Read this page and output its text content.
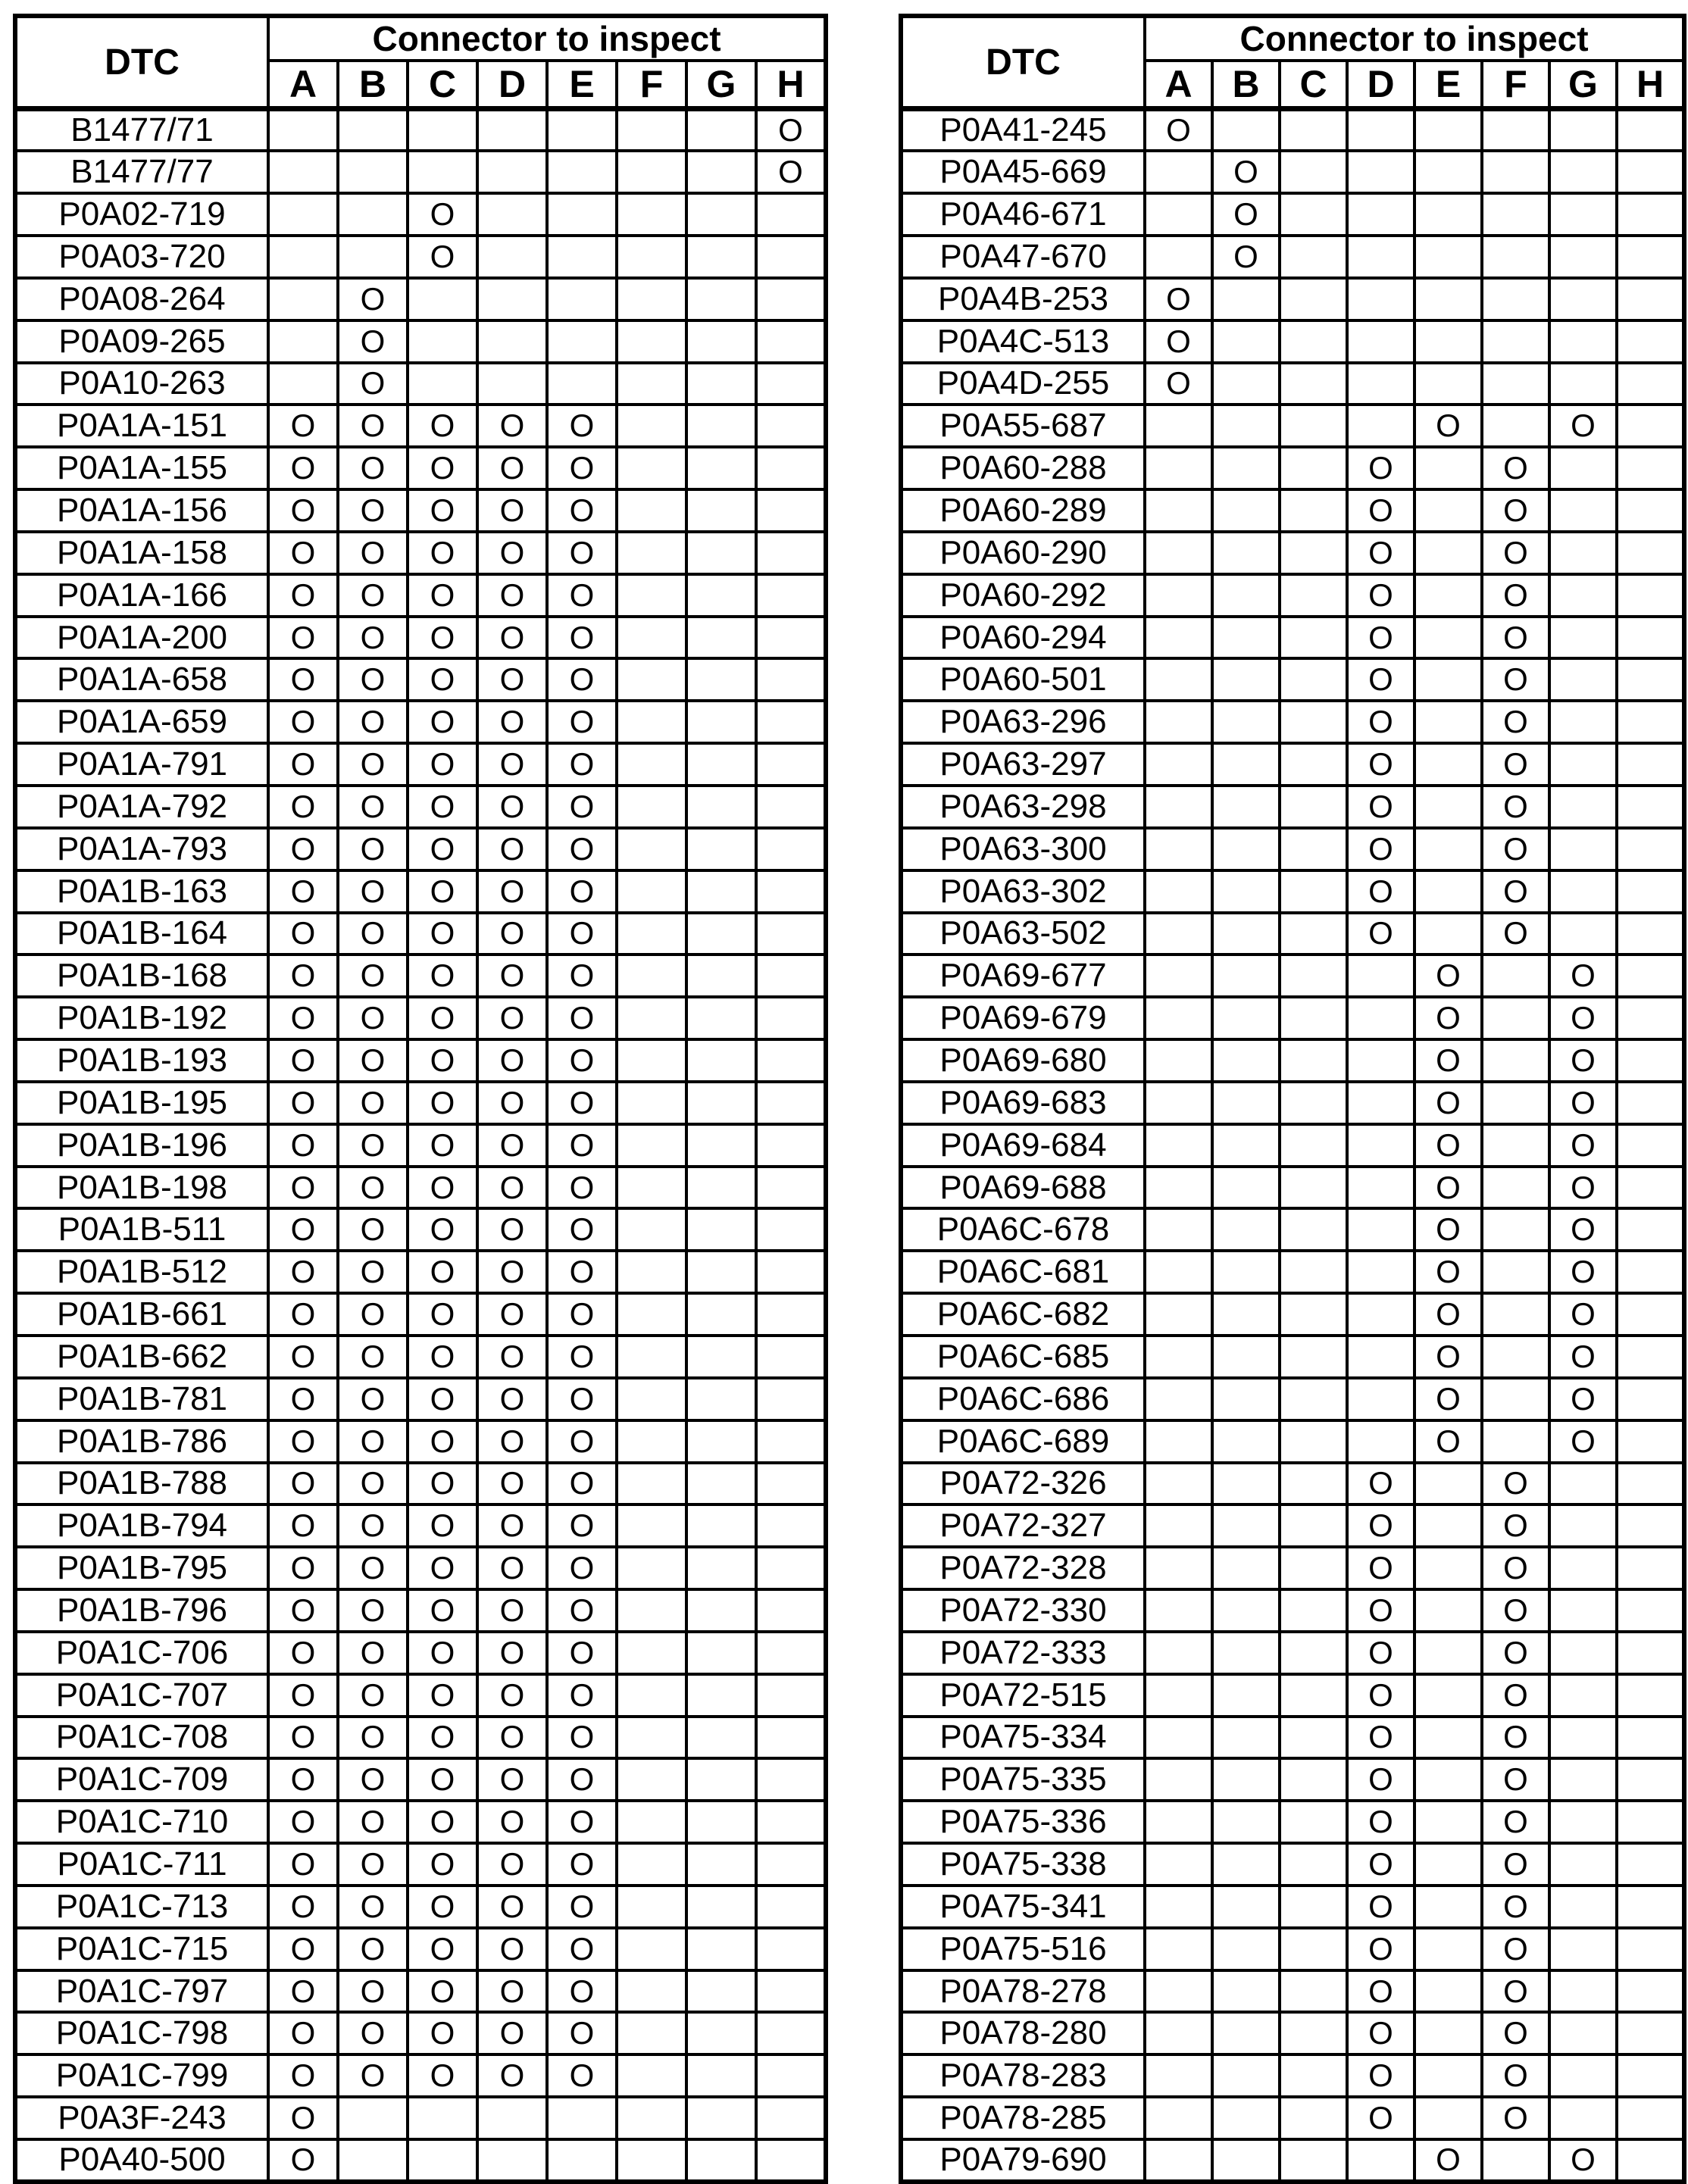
DTC	Connector to inspect							
	A	B	C	D	E	F	G	H
B1477/71								O
B1477/77								O
P0A02-719			O					
P0A03-720			O					
P0A08-264		O						
P0A09-265		O						
P0A10-263		O						
P0A1A-151	O	O	O	O	O			
P0A1A-155	O	O	O	O	O			
P0A1A-156	O	O	O	O	O			
P0A1A-158	O	O	O	O	O			
P0A1A-166	O	O	O	O	O			
P0A1A-200	O	O	O	O	O			
P0A1A-658	O	O	O	O	O			
P0A1A-659	O	O	O	O	O			
P0A1A-791	O	O	O	O	O			
P0A1A-792	O	O	O	O	O			
P0A1A-793	O	O	O	O	O			
P0A1B-163	O	O	O	O	O			
P0A1B-164	O	O	O	O	O			
P0A1B-168	O	O	O	O	O			
P0A1B-192	O	O	O	O	O			
P0A1B-193	O	O	O	O	O			
P0A1B-195	O	O	O	O	O			
P0A1B-196	O	O	O	O	O			
P0A1B-198	O	O	O	O	O			
P0A1B-511	O	O	O	O	O			
P0A1B-512	O	O	O	O	O			
P0A1B-661	O	O	O	O	O			
P0A1B-662	O	O	O	O	O			
P0A1B-781	O	O	O	O	O			
P0A1B-786	O	O	O	O	O			
P0A1B-788	O	O	O	O	O			
P0A1B-794	O	O	O	O	O			
P0A1B-795	O	O	O	O	O			
P0A1B-796	O	O	O	O	O			
P0A1C-706	O	O	O	O	O			
P0A1C-707	O	O	O	O	O			
P0A1C-708	O	O	O	O	O			
P0A1C-709	O	O	O	O	O			
P0A1C-710	O	O	O	O	O			
P0A1C-711	O	O	O	O	O			
P0A1C-713	O	O	O	O	O			
P0A1C-715	O	O	O	O	O			
P0A1C-797	O	O	O	O	O			
P0A1C-798	O	O	O	O	O			
P0A1C-799	O	O	O	O	O			
P0A3F-243	O							
P0A40-500	O							
DTC	Connector to inspect							
	A	B	C	D	E	F	G	H
P0A41-245	O							
P0A45-669		O						
P0A46-671		O						
P0A47-670		O						
P0A4B-253	O							
P0A4C-513	O							
P0A4D-255	O							
P0A55-687					O		O	
P0A60-288				O		O		
P0A60-289				O		O		
P0A60-290				O		O		
P0A60-292				O		O		
P0A60-294				O		O		
P0A60-501				O		O		
P0A63-296				O		O		
P0A63-297				O		O		
P0A63-298				O		O		
P0A63-300				O		O		
P0A63-302				O		O		
P0A63-502				O		O		
P0A69-677					O		O	
P0A69-679					O		O	
P0A69-680					O		O	
P0A69-683					O		O	
P0A69-684					O		O	
P0A69-688					O		O	
P0A6C-678					O		O	
P0A6C-681					O		O	
P0A6C-682					O		O	
P0A6C-685					O		O	
P0A6C-686					O		O	
P0A6C-689					O		O	
P0A72-326				O		O		
P0A72-327				O		O		
P0A72-328				O		O		
P0A72-330				O		O		
P0A72-333				O		O		
P0A72-515				O		O		
P0A75-334				O		O		
P0A75-335				O		O		
P0A75-336				O		O		
P0A75-338				O		O		
P0A75-341				O		O		
P0A75-516				O		O		
P0A78-278				O		O		
P0A78-280				O		O		
P0A78-283				O		O		
P0A78-285				O		O		
P0A79-690					O		O	
